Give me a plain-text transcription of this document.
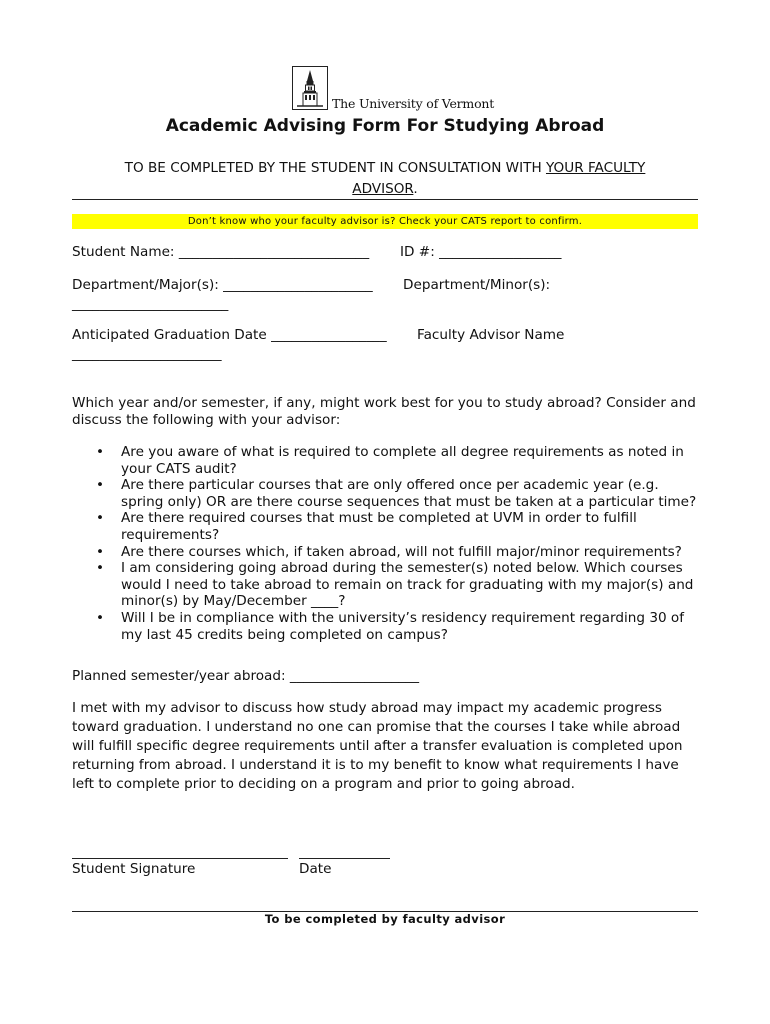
The University of Vermont
Academic Advising Form For Studying Abroad
TO BE COMPLETED BY THE STUDENT IN CONSULTATION WITH YOUR FACULTY
ADVISOR.
Don’t know who your faculty advisor is? Check your CATS report to confirm.
Student Name: ____________________________ ID #: __________________
Department/Major(s): ______________________ Department/Minor(s):
_______________________
Anticipated Graduation Date _________________ Faculty Advisor Name
______________________
Which year and/or semester, if any, might work best for you to study abroad? Consider and discuss the following with your advisor:
• Are you aware of what is required to complete all degree requirements as noted in your CATS audit?
• Are there particular courses that are only offered once per academic year (e.g. spring only) OR are there course sequences that must be taken at a particular time?
• Are there required courses that must be completed at UVM in order to fulfill requirements?
• Are there courses which, if taken abroad, will not fulfill major/minor requirements?
• I am considering going abroad during the semester(s) noted below. Which courses would I need to take abroad to remain on track for graduating with my major(s) and minor(s) by May/December ____?
• Will I be in compliance with the university’s residency requirement regarding 30 of my last 45 credits being completed on campus?
Planned semester/year abroad: ___________________
I met with my advisor to discuss how study abroad may impact my academic progress toward graduation. I understand no one can promise that the courses I take while abroad will fulfill specific degree requirements until after a transfer evaluation is completed upon returning from abroad. I understand it is to my benefit to know what requirements I have left to complete prior to deciding on a program and prior to going abroad.
Student Signature	Date
To be completed by faculty advisor
